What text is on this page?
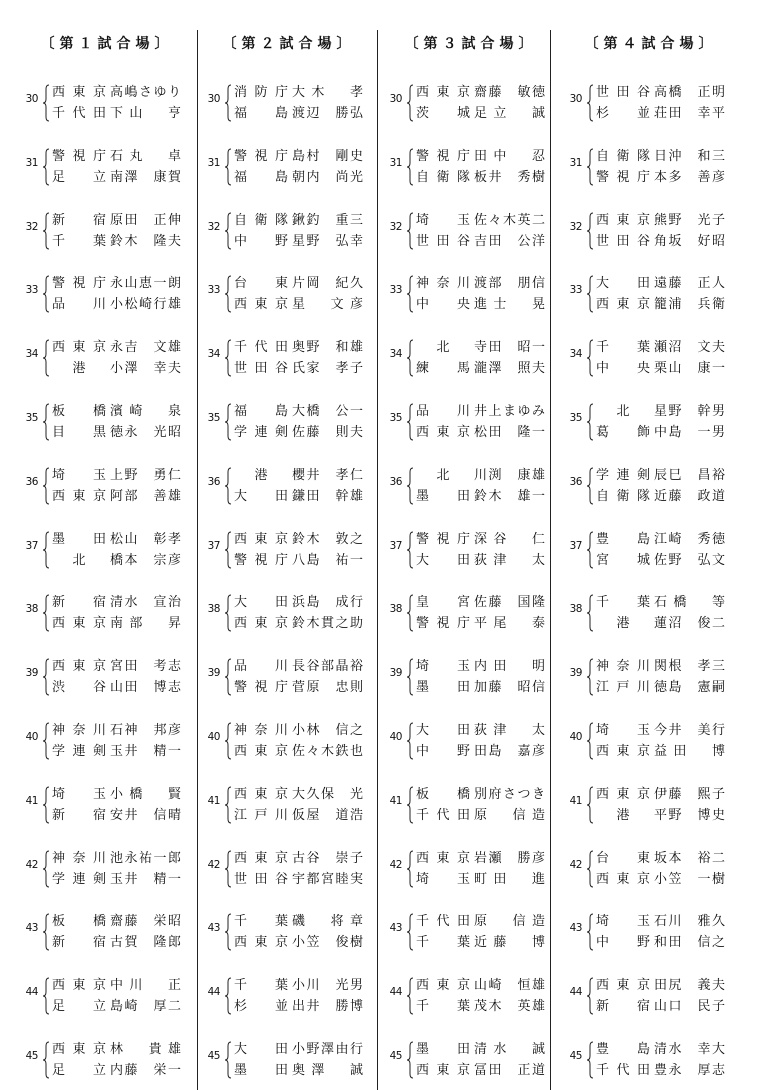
〔第１試合場〕
30 西東京 高嶋さゆり
千代田 下山　亨
31 警視庁 石丸　卓
足立 南澤　康賀
32 新宿 原田　正伸
千葉 鈴木　隆夫
33 警視庁 永山恵一朗
品川 小松崎行雄
34 西東京 永吉　文雄
港 小澤　幸夫
35 板橋 濱崎　泉
目黒 徳永　光昭
36 埼玉 上野　勇仁
西東京 阿部　善雄
37 墨田 松山　彰孝
北 橋本　宗彦
38 新宿 清水　宣治
西東京 南部　昇
39 西東京 宮田　考志
渋谷 山田　博志
40 神奈川 石神　邦彦
学連剣 玉井　精一
41 埼玉 小橋　賢
新宿 安井　信晴
42 神奈川 池永祐一郎
学連剣 玉井　精一
43 板橋 齋藤　栄昭
新宿 古賀　隆郎
44 西東京 中川　正
足立 島崎　厚二
45 西東京 林　貴雄
足立 内藤　栄一
〔第２試合場〕
30 消防庁 大木　孝
福島 渡辺　勝弘
31 警視庁 島村　剛史
福島 朝内　尚光
32 自衛隊 鍬釣　重三
中野 星野　弘幸
33 台東 片岡　紀久
西東京 星　文彦
34 千代田 奥野　和雄
世田谷 氏家　孝子
35 福島 大橋　公一
学連剣 佐藤　則夫
36	港 櫻井　孝仁
大田 鎌田　幹雄
37 西東京 鈴木　敦之
警視庁 八島　祐一
38 大田 浜島　成行
西東京 鈴木貫之助
39 品川 長谷部晶裕
警視庁 菅原　忠則
40 神奈川 小林　信之
西東京 佐々木鉄也
41 西東京 大久保　光
江戸川 仮屋　道浩
42 西東京 古谷　崇子
世田谷 宇都宮睦実
43 千葉 磯　将章
西東京 小笠　俊樹
44 千葉 小川　光男
杉並 出井　勝博
45 大田 小野澤由行
墨田 奥澤　誠
〔第３試合場〕
30 西東京 齋藤　敏徳
茨城 足立　誠
31 警視庁 田中　忍
自衛隊 板井　秀樹
32 埼玉 佐々木英二
世田谷 吉田　公洋
33 神奈川 渡部　朋信
中央 進士　晃
34	北 寺田　昭一
練馬 瀧澤　照夫
35 品川 井上まゆみ
西東京 松田　隆一
36	北 川渕　康雄
墨田 鈴木　雄一
37 警視庁 深谷　仁
大田 荻津　太
38 皇宮 佐藤　国隆
警視庁 平尾　泰
39 埼玉 内田　明
墨田 加藤　昭信
40 大田 荻津　太
中野 田島　嘉彦
41 板橋 別府さつき
千代田 原　信造
42 西東京 岩瀬　勝彦
埼玉 町田　進
43 千代田 原　信造
千葉 近藤　博
44 西東京 山崎　恒雄
千葉 茂木　英雄
45 墨田 清水　誠
西東京 冨田　正道
〔第４試合場〕
30 世田谷 高橋　正明
杉並 荘田　幸平
31 自衛隊 日沖　和三
警視庁 本多　善彦
32 西東京 熊野　光子
世田谷 角坂　好昭
33 大田 遠藤　正人
西東京 籠浦　兵衛
34 千葉 瀬沼　文夫
中央 栗山　康一
35	北 星野　幹男
葛飾 中島　一男
36 学連剣 辰巳　昌裕
自衛隊 近藤　政道
37 豊島 江崎　秀徳
宮城 佐野　弘文
38 千葉 石橋　等
港 蓮沼　俊二
39 神奈川 関根　孝三
江戸川 徳島　憲嗣
40 埼玉 今井　美行
西東京 益田　博
41 西東京 伊藤　熙子
港 平野　博史
42 台東 坂本　裕二
西東京 小笠　一樹
43 埼玉 石川　雅久
中野 和田　信之
44 西東京 田尻　義夫
新宿 山口　民子
45 豊島 清水　幸大
千代田 豊永　厚志
